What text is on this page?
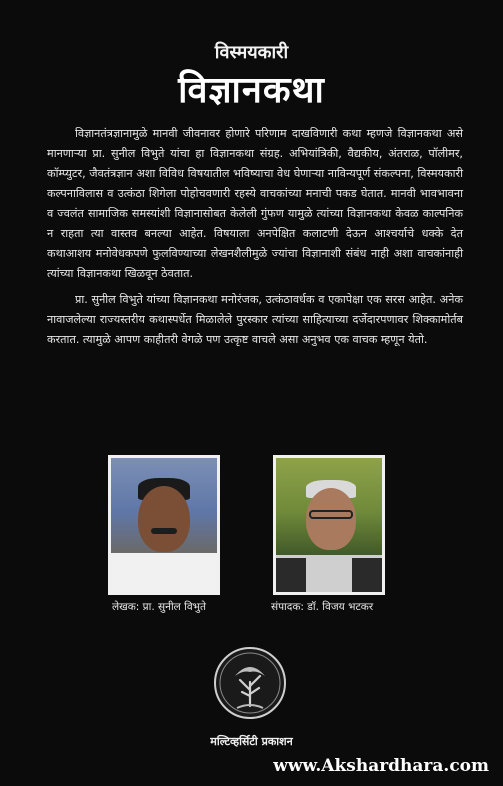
विस्मयकारी
विज्ञानकथा

विज्ञानतंत्रज्ञानामुळे मानवी जीवनावर होणारे परिणाम दाखविणारी कथा म्हणजे विज्ञानकथा असे मानणाऱ्या प्रा. सुनील विभुते यांचा हा विज्ञानकथा संग्रह. अभियांत्रिकी, वैद्यकीय, अंतराळ, पॉलीमर, कॉम्प्युटर, जैवतंत्रज्ञान अशा विविध विषयातील भविष्याचा वेध घेणाऱ्या नाविन्यपूर्ण संकल्पना, विस्मयकारी कल्पनाविलास व उत्कंठा शिगेला पोहोचवणारी रहस्ये वाचकांच्या मनाची पकड घेतात. मानवी भावभावना व ज्वलंत सामाजिक समस्यांशी विज्ञानासोबत केलेली गुंफण यामुळे त्यांच्या विज्ञानकथा केवळ काल्पनिक न राहता त्या वास्तव बनल्या आहेत. विषयाला अनपेक्षित कलाटणी देऊन आश्चर्याचे धक्के देत कथाआशय मनोवेधकपणे फुलविण्याच्या लेखनशैलीमुळे ज्यांचा विज्ञानाशी संबंध नाही अशा वाचकांनाही त्यांच्या विज्ञानकथा खिळवून ठेवतात.

प्रा. सुनील विभुते यांच्या विज्ञानकथा मनोरंजक, उत्कंठावर्धक व एकापेक्षा एक सरस आहेत. अनेक नावाजलेल्या राज्यस्तरीय कथास्पर्धेत मिळालेले पुरस्कार त्यांच्या साहित्याच्या दर्जेदारपणावर शिक्कामोर्तब करतात. त्यामुळे आपण काहीतरी वेगळे पण उत्कृष्ट वाचले असा अनुभव एक वाचक म्हणून येतो.

लेखक: प्रा. सुनील विभुते	संपादक: डॉ. विजय भटकर
मल्टिव्हर्सिटी प्रकाशन
www.Akshardhara.com
